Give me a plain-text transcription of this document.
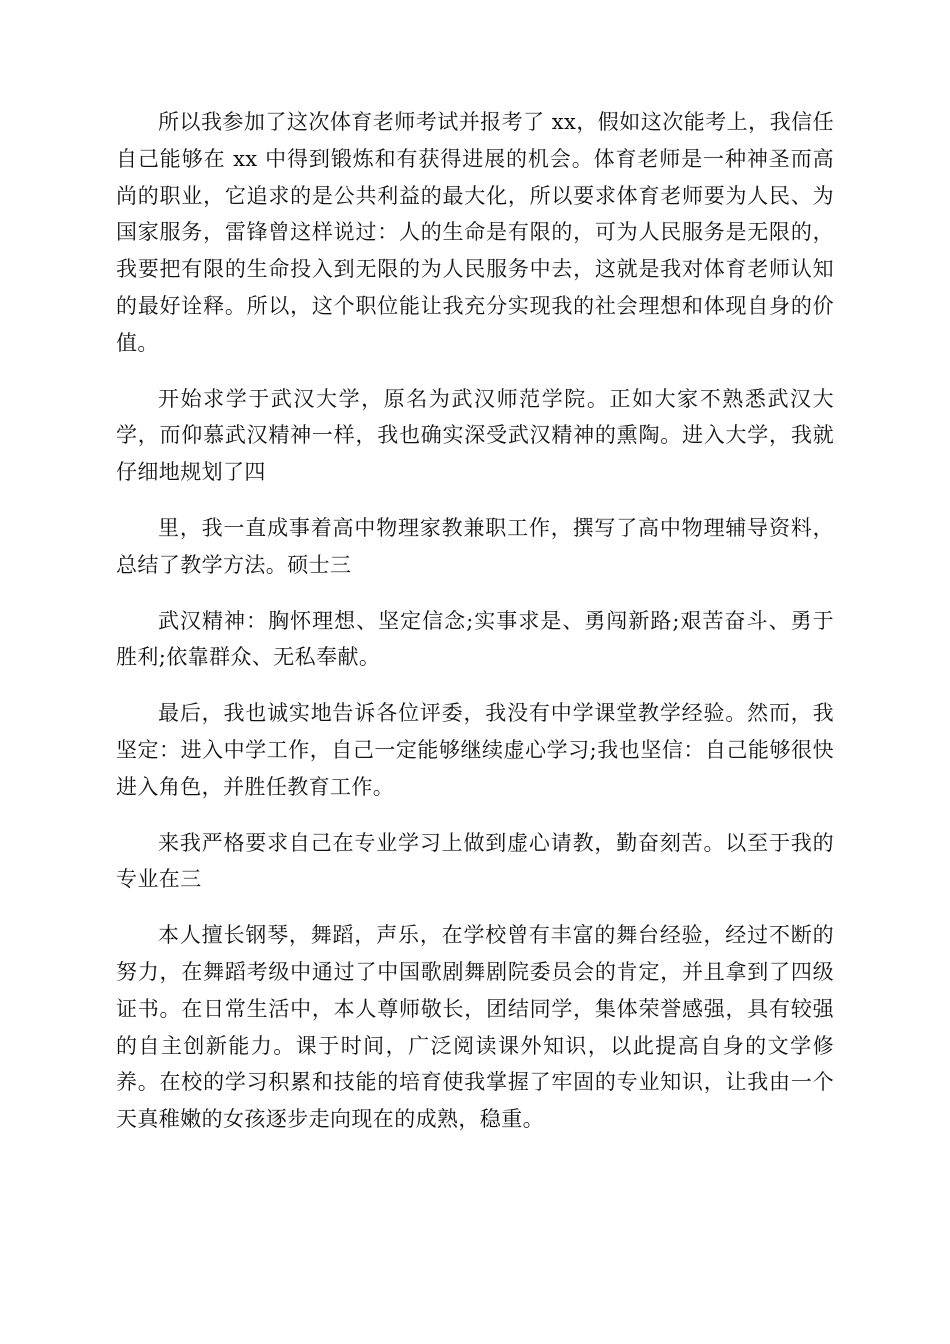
所以我参加了这次体育老师考试并报考了 xx，假如这次能考上，我信任自己能够在 xx 中得到锻炼和有获得进展的机会。体育老师是一种神圣而高尚的职业，它追求的是公共利益的最大化，所以要求体育老师要为人民、为国家服务，雷锋曾这样说过：人的生命是有限的，可为人民服务是无限的，我要把有限的生命投入到无限的为人民服务中去，这就是我对体育老师认知的最好诠释。所以，这个职位能让我充分实现我的社会理想和体现自身的价值。

开始求学于武汉大学，原名为武汉师范学院。正如大家不熟悉武汉大学，而仰慕武汉精神一样，我也确实深受武汉精神的熏陶。进入大学，我就仔细地规划了四

里，我一直成事着高中物理家教兼职工作，撰写了高中物理辅导资料，总结了教学方法。硕士三

武汉精神：胸怀理想、坚定信念;实事求是、勇闯新路;艰苦奋斗、勇于胜利;依靠群众、无私奉献。

最后，我也诚实地告诉各位评委，我没有中学课堂教学经验。然而，我坚定：进入中学工作，自己一定能够继续虚心学习;我也坚信：自己能够很快进入角色，并胜任教育工作。

来我严格要求自己在专业学习上做到虚心请教，勤奋刻苦。以至于我的专业在三

本人擅长钢琴，舞蹈，声乐，在学校曾有丰富的舞台经验，经过不断的努力，在舞蹈考级中通过了中国歌剧舞剧院委员会的肯定，并且拿到了四级证书。在日常生活中，本人尊师敬长，团结同学，集体荣誉感强，具有较强的自主创新能力。课于时间，广泛阅读课外知识，以此提高自身的文学修养。在校的学习积累和技能的培育使我掌握了牢固的专业知识，让我由一个天真稚嫩的女孩逐步走向现在的成熟，稳重。
